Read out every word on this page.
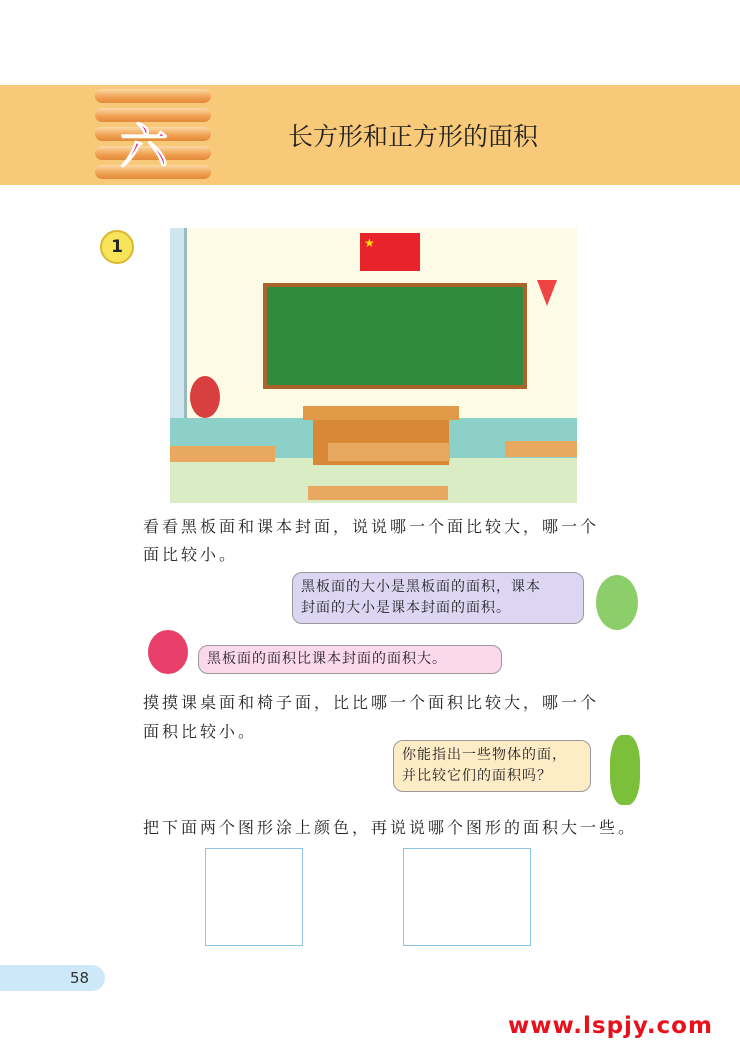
六	长方形和正方形的面积
1	★
看看黑板面和课本封面，说说哪一个面比较大，哪一个
面比较小。
黑板面的大小是黑板面的面积，课本
封面的大小是课本封面的面积。
黑板面的面积比课本封面的面积大。
摸摸课桌面和椅子面，比比哪一个面积比较大，哪一个
面积比较小。
你能指出一些物体的面，
并比较它们的面积吗？
把下面两个图形涂上颜色，再说说哪个图形的面积大一些。
58
www.lspjy.com
